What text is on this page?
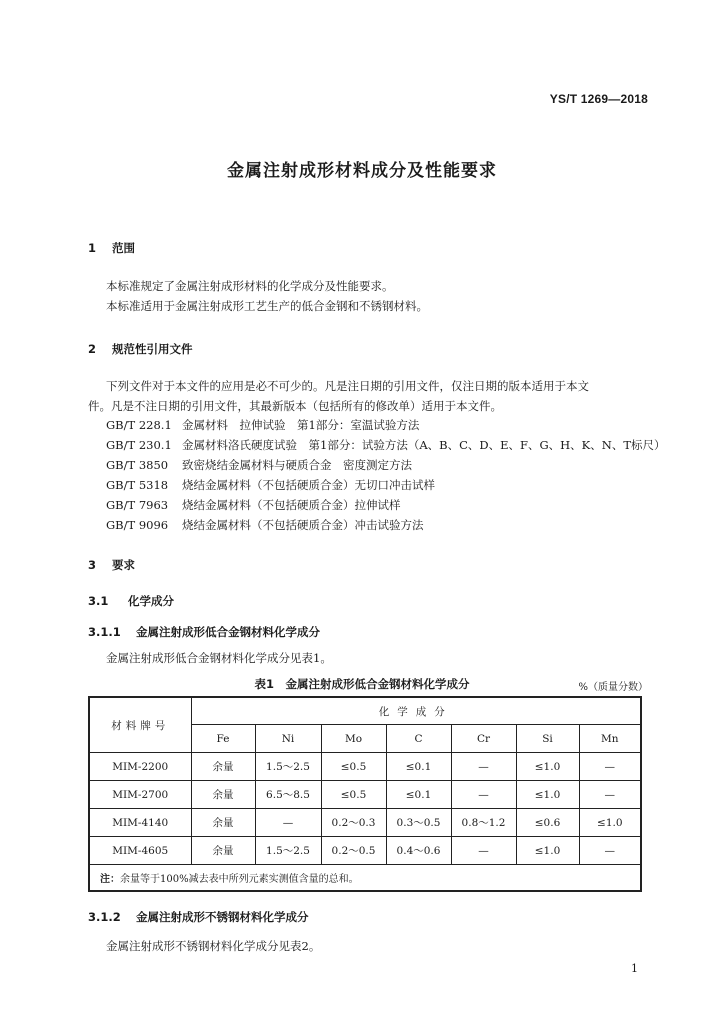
YS/T 1269—2018
金属注射成形材料成分及性能要求
1 范围
本标准规定了金属注射成形材料的化学成分及性能要求。
本标准适用于金属注射成形工艺生产的低合金钢和不锈钢材料。
2 规范性引用文件
下列文件对于本文件的应用是必不可少的。凡是注日期的引用文件，仅注日期的版本适用于本文
件。凡是不注日期的引用文件，其最新版本（包括所有的修改单）适用于本文件。
GB/T 228.1 金属材料　拉伸试验　第1部分：室温试验方法
GB/T 230.1 金属材料洛氏硬度试验　第1部分：试验方法（A、B、C、D、E、F、G、H、K、N、T标尺）
GB/T 3850 致密烧结金属材料与硬质合金　密度测定方法
GB/T 5318 烧结金属材料（不包括硬质合金）无切口冲击试样
GB/T 7963 烧结金属材料（不包括硬质合金）拉伸试样
GB/T 9096 烧结金属材料（不包括硬质合金）冲击试验方法
3 要求
3.1 化学成分
3.1.1 金属注射成形低合金钢材料化学成分
金属注射成形低合金钢材料化学成分见表1。
表1　金属注射成形低合金钢材料化学成分	%（质量分数）
材料牌号	化学成分						
	Fe	Ni	Mo	C	Cr	Si	Mn
MIM-2200	余量	1.5～2.5	≤0.5	≤0.1	—	≤1.0	—
MIM-2700	余量	6.5～8.5	≤0.5	≤0.1	—	≤1.0	—
MIM-4140	余量	—	0.2～0.3	0.3～0.5	0.8～1.2	≤0.6	≤1.0
MIM-4605	余量	1.5～2.5	0.2～0.5	0.4～0.6	—	≤1.0	—
注：余量等于100%减去表中所列元素实测值含量的总和。							
3.1.2 金属注射成形不锈钢材料化学成分
金属注射成形不锈钢材料化学成分见表2。
1
